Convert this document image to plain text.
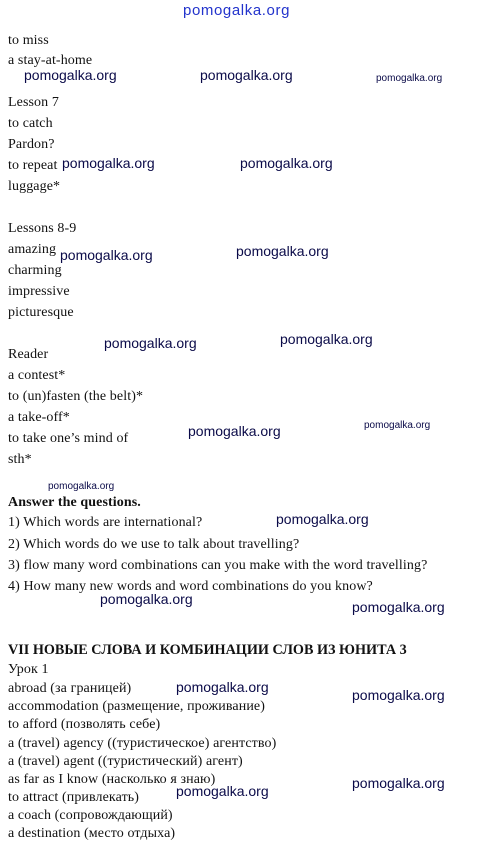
pomogalka.org
to miss
a stay-at-home
Lesson 7
to catch
Pardon?
to repeat
luggage*
Lessons 8-9
amazing
charming
impressive
picturesque
Reader
a contest*
to (un)fasten (the belt)*
a take-off*
to take one’s mind of
sth*
Answer the questions.
1) Which words are international?
2) Which words do we use to talk about travelling?
3) flow many word combinations can you make with the word travelling?
4) How many new words and word combinations do you know?
VII НОВЫЕ СЛОВА И КОМБИНАЦИИ СЛОВ ИЗ ЮНИТА 3
Урок 1
abroad (за границей)
accommodation (размещение, проживание)
to afford (позволять себе)
a (travel) agency ((туристическое) агентство)
a (travel) agent ((туристический) агент)
as far as I know (насколько я знаю)
to attract (привлекать)
a coach (сопровождающий)
a destination (место отдыха)
pomogalka.org	pomogalka.org	pomogalka.org
pomogalka.org	pomogalka.org
pomogalka.org	pomogalka.org
pomogalka.org	pomogalka.org
pomogalka.org	pomogalka.org
pomogalka.org
pomogalka.org
pomogalka.org	pomogalka.org
pomogalka.org	pomogalka.org
pomogalka.org	pomogalka.org
